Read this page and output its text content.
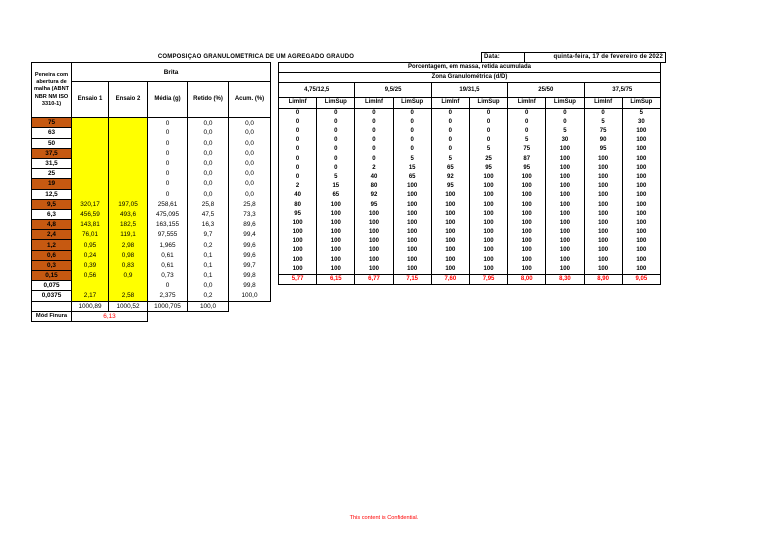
COMPOSIÇÃO GRANULOMÉTRICA DE UM AGREGADO GRAÚDO	Data:	quinta-feira, 17 de fevereiro de 2022
Peneira com abertura de malha (ABNT NBR NM ISO 3310-1)	Brita					
	Ensaio 1	Ensaio 2	Média (g)	Retido (%)	Acum. (%)	

75			0	0,0	0,0	
63			0	0,0	0,0	
50			0	0,0	0,0	
37,5			0	0,0	0,0	
31,5			0	0,0	0,0	
25			0	0,0	0,0	
19			0	0,0	0,0	
12,5			0	0,0	0,0	
9,5	320,17	197,05	258,61	25,8	25,8	
6,3	456,59	493,6	475,095	47,5	73,3	
4,8	143,81	182,5	163,155	16,3	89,6	
2,4	76,01	119,1	97,555	9,7	99,4	
1,2	0,95	2,98	1,965	0,2	99,6	
0,6	0,24	0,98	0,61	0,1	99,6	
0,3	0,39	0,83	0,61	0,1	99,7	
0,15	0,56	0,9	0,73	0,1	99,8	
0,075			0	0,0	99,8	
0,0375	2,17	2,58	2,375	0,2	100,0	
	1000,89	1000,52	1000,705	100,0		
Mód Finura	6,13					
Porcentagem, em massa, retida acumulada									
Zona Granulométrica (d/D)									
4,75/12,5		9,5/25		19/31,5		25/50		37,5/75	
LimInf	LimSup	LimInf	LimSup	LimInf	LimSup	LimInf	LimSup	LimInf	LimSup
0	0	0	0	0	0	0	0	0	5
0	0	0	0	0	0	0	0	5	30
0	0	0	0	0	0	0	5	75	100
0	0	0	0	0	0	5	30	90	100
0	0	0	0	0	5	75	100	95	100
0	0	0	5	5	25	87	100	100	100
0	0	2	15	65	95	95	100	100	100
0	5	40	65	92	100	100	100	100	100
2	15	80	100	95	100	100	100	100	100
40	65	92	100	100	100	100	100	100	100
80	100	95	100	100	100	100	100	100	100
95	100	100	100	100	100	100	100	100	100
100	100	100	100	100	100	100	100	100	100
100	100	100	100	100	100	100	100	100	100
100	100	100	100	100	100	100	100	100	100
100	100	100	100	100	100	100	100	100	100
100	100	100	100	100	100	100	100	100	100
100	100	100	100	100	100	100	100	100	100
5,77	6,15	6,77	7,15	7,60	7,95	8,00	8,30	8,90	9,05
This content is Confidential.
